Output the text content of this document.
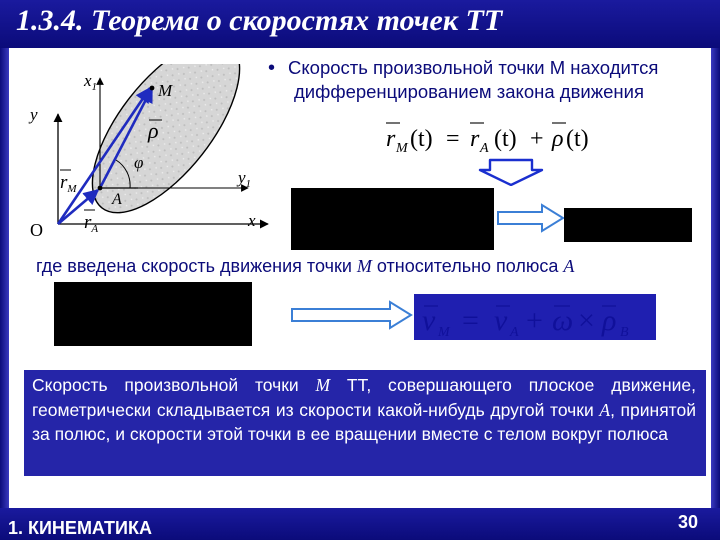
1.3.4. Теорема о скоростях точек ТТ
$x_1$	M
y
ρ
φ
$r_M$
A
$y_1$
O $r_A$	x
• Скорость произвольной точки М находится
дифференцированием закона движения
r M (t) = r A (t) + ρ (t)
где введена скорость движения точки М относительно полюса А
v M = v A + ω × ρ B
Скорость произвольной точки М ТТ, совершающего плоское движение, геометрически складывается из скорости какой-нибудь другой точки А, принятой за полюс, и скорости этой точки в ее вращении вместе с телом вокруг полюса
1. КИНЕМАТИКА	30
